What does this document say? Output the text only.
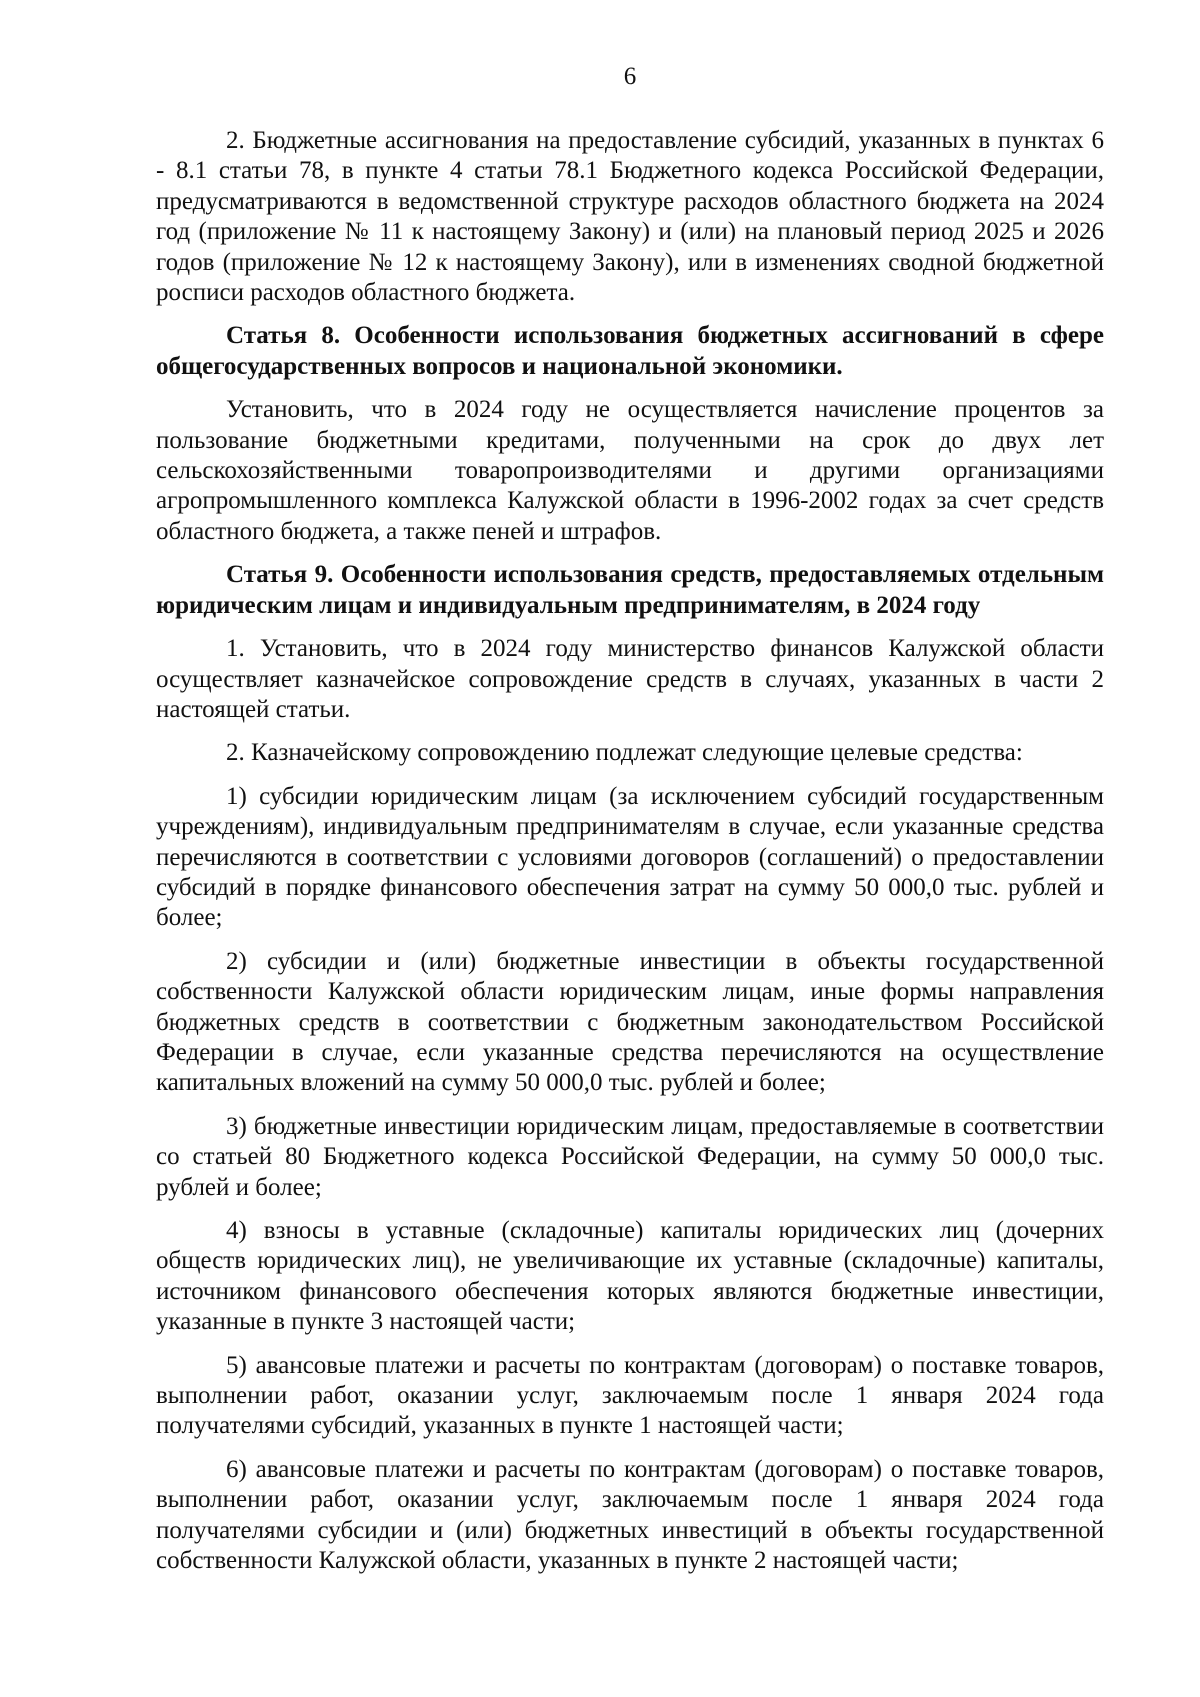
6

2. Бюджетные ассигнования на предоставление субсидий, указанных в пунктах 6 - 8.1 статьи 78, в пункте 4 статьи 78.1 Бюджетного кодекса Российской Федерации, предусматриваются в ведомственной структуре расходов областного бюджета на 2024 год (приложение № 11 к настоящему Закону) и (или) на плановый период 2025 и 2026 годов (приложение № 12 к настоящему Закону), или в изменениях сводной бюджетной росписи расходов областного бюджета.

Статья 8. Особенности использования бюджетных ассигнований в сфере общегосударственных вопросов и национальной экономики.

Установить, что в 2024 году не осуществляется начисление процентов за пользование бюджетными кредитами, полученными на срок до двух лет сельскохозяйственными товаропроизводителями и другими организациями агропромышленного комплекса Калужской области в 1996-2002 годах за счет средств областного бюджета, а также пеней и штрафов.

Статья 9. Особенности использования средств, предоставляемых отдельным юридическим лицам и индивидуальным предпринимателям, в 2024 году

1. Установить, что в 2024 году министерство финансов Калужской области осуществляет казначейское сопровождение средств в случаях, указанных в части 2 настоящей статьи.

2. Казначейскому сопровождению подлежат следующие целевые средства:

1) субсидии юридическим лицам (за исключением субсидий государственным учреждениям), индивидуальным предпринимателям в случае, если указанные средства перечисляются в соответствии с условиями договоров (соглашений) о предоставлении субсидий в порядке финансового обеспечения затрат на сумму 50 000,0 тыс. рублей и более;

2) субсидии и (или) бюджетные инвестиции в объекты государственной собственности Калужской области юридическим лицам, иные формы направления бюджетных средств в соответствии с бюджетным законодательством Российской Федерации в случае, если указанные средства перечисляются на осуществление капитальных вложений на сумму 50 000,0 тыс. рублей и более;

3) бюджетные инвестиции юридическим лицам, предоставляемые в соответствии со статьей 80 Бюджетного кодекса Российской Федерации, на сумму 50 000,0 тыс. рублей и более;

4) взносы в уставные (складочные) капиталы юридических лиц (дочерних обществ юридических лиц), не увеличивающие их уставные (складочные) капиталы, источником финансового обеспечения которых являются бюджетные инвестиции, указанные в пункте 3 настоящей части;

5) авансовые платежи и расчеты по контрактам (договорам) о поставке товаров, выполнении работ, оказании услуг, заключаемым после 1 января 2024 года получателями субсидий, указанных в пункте 1 настоящей части;

6) авансовые платежи и расчеты по контрактам (договорам) о поставке товаров, выполнении работ, оказании услуг, заключаемым после 1 января 2024 года получателями субсидии и (или) бюджетных инвестиций в объекты государственной собственности Калужской области, указанных в пункте 2 настоящей части;
